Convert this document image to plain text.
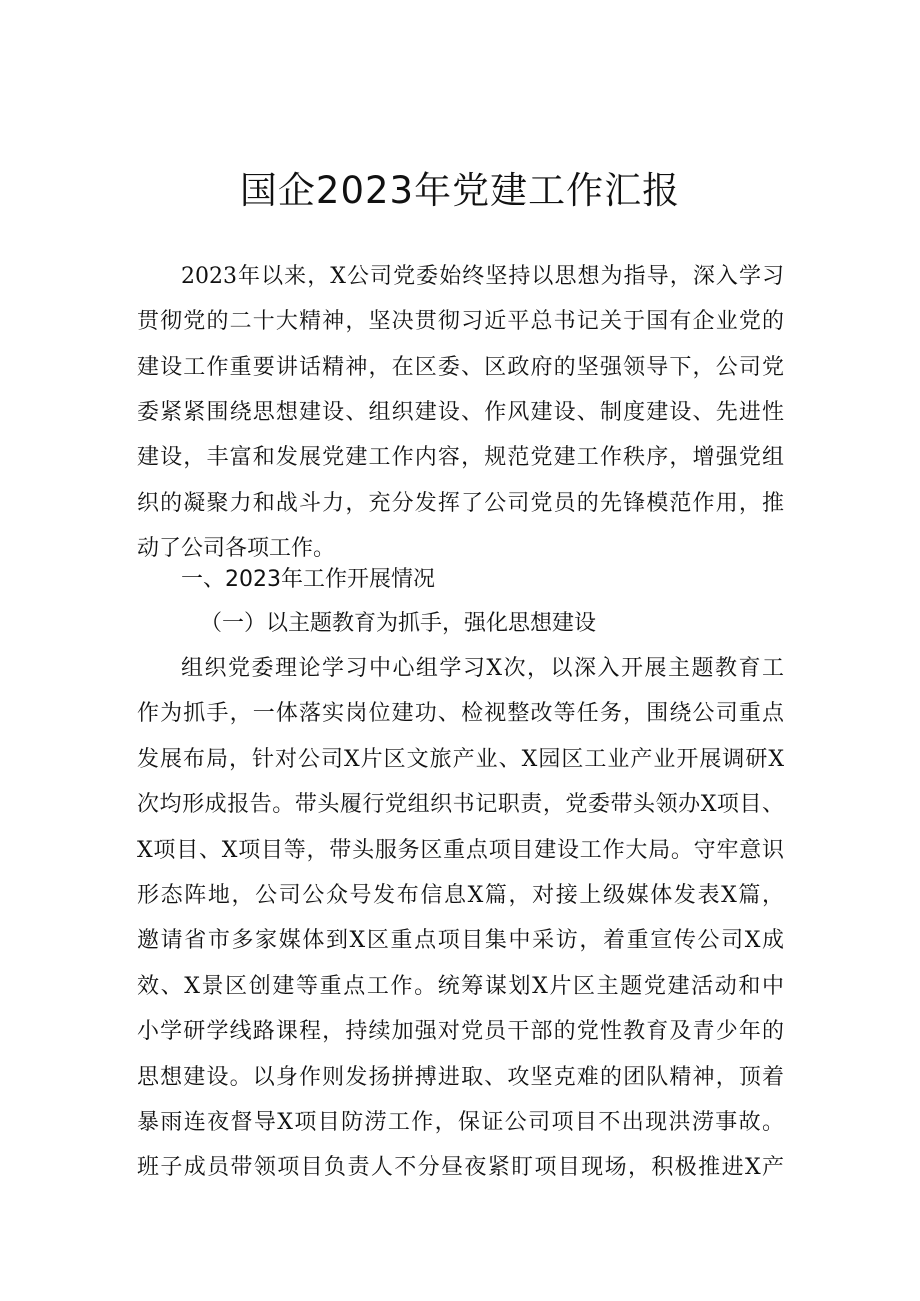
国企2023年党建工作汇报

2023年以来，X公司党委始终坚持以思想为指导，深入学习

贯彻党的二十大精神，坚决贯彻习近平总书记关于国有企业党的

建设工作重要讲话精神，在区委、区政府的坚强领导下，公司党

委紧紧围绕思想建设、组织建设、作风建设、制度建设、先进性

建设，丰富和发展党建工作内容，规范党建工作秩序，增强党组

织的凝聚力和战斗力，充分发挥了公司党员的先锋模范作用，推

动了公司各项工作。

一、2023年工作开展情况

（一）以主题教育为抓手，强化思想建设

组织党委理论学习中心组学习X次，以深入开展主题教育工

作为抓手，一体落实岗位建功、检视整改等任务，围绕公司重点

发展布局，针对公司X片区文旅产业、X园区工业产业开展调研X

次均形成报告。带头履行党组织书记职责，党委带头领办X项目、

X项目、X项目等，带头服务区重点项目建设工作大局。守牢意识

形态阵地，公司公众号发布信息X篇，对接上级媒体发表X篇，

邀请省市多家媒体到X区重点项目集中采访，着重宣传公司X成

效、X景区创建等重点工作。统筹谋划X片区主题党建活动和中

小学研学线路课程，持续加强对党员干部的党性教育及青少年的

思想建设。以身作则发扬拼搏进取、攻坚克难的团队精神，顶着

暴雨连夜督导X项目防涝工作，保证公司项目不出现洪涝事故。

班子成员带领项目负责人不分昼夜紧盯项目现场，积极推进X产
